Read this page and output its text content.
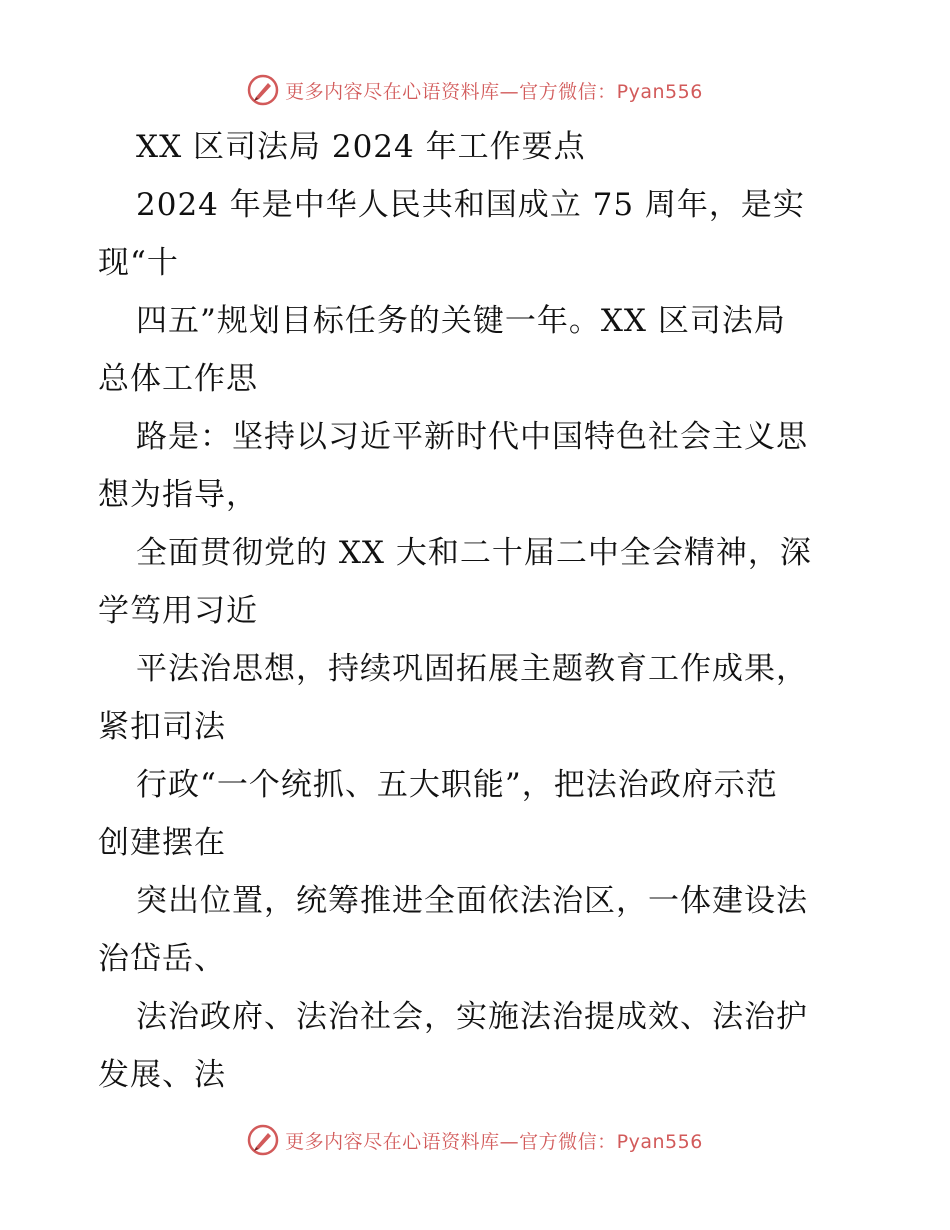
更多内容尽在心语资料库—官方微信：Pyan556
XX 区司法局 2024 年工作要点
2024 年是中华人民共和国成立 75 周年，是实
现“十
四五”规划目标任务的关键一年。XX 区司法局
总体工作思
路是：坚持以习近平新时代中国特色社会主义思
想为指导，
全面贯彻党的 XX 大和二十届二中全会精神，深
学笃用习近
平法治思想，持续巩固拓展主题教育工作成果，
紧扣司法
行政“一个统抓、五大职能”，把法治政府示范
创建摆在
突出位置，统筹推进全面依法治区，一体建设法
治岱岳、
法治政府、法治社会，实施法治提成效、法治护
发展、法
更多内容尽在心语资料库—官方微信：Pyan556
